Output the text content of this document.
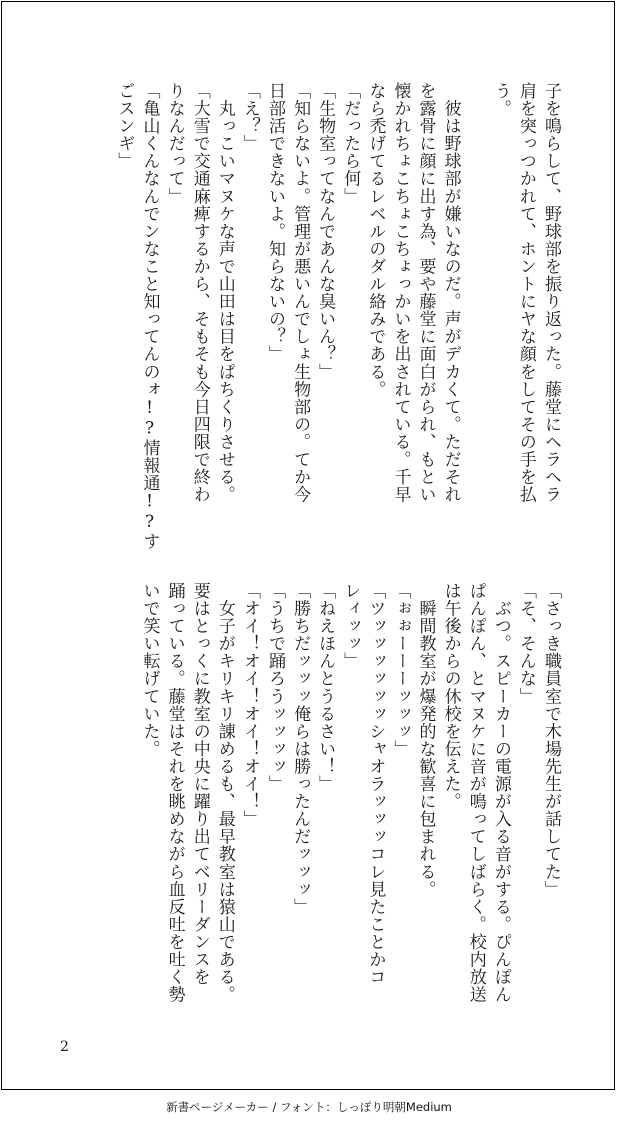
子を鳴らして、野球部を振り返った。藤堂にヘラヘラ
肩を突っつかれて、ホントにヤな顔をしてその手を払
う。
　彼は野球部が嫌いなのだ。声がデカくて。ただそれ
を露骨に顔に出す為、要や藤堂に面白がられ、もとい
懐かれちょこちょこちょっかいを出されている。千早
なら禿げてるレベルのダル絡みである。
「だったら何」
「生物室ってなんであんな臭いん？」
「知らないよ。管理が悪いんでしょ生物部の。てか今
日部活できないよ。知らないの？」
「え？」
　丸っこいマヌケな声で山田は目をぱちくりさせる。
「大雪で交通麻痺するから、そもそも今日四限で終わ
りなんだって」
「亀山くんなんでンなこと知ってんのォ!?情報通!?す
ごスンギ」
「さっき職員室で木場先生が話してた」
「そ、そんな」
　ぶつ。スピーカーの電源が入る音がする。ぴんぽん
ぱんぽん、とマヌケに音が鳴ってしばらく。校内放送
は午後からの休校を伝えた。
　瞬間教室が爆発的な歓喜に包まれる。
「ぉぉーーーッッッ」
「ツッッッッッッシャオラッッッコレ見たことかコ
レィッッ」
「ねえほんとうるさい！」
「勝ちだッッッ俺らは勝ったんだッッッ」
「うちで踊ろうッッッッ」
「オイ！オイ！オイ！オイ！」
　女子がキリキリ諌めるも、最早教室は猿山である。
要はとっくに教室の中央に躍り出てベリーダンスを
踊っている。藤堂はそれを眺めながら血反吐を吐く勢
いで笑い転げていた。
2
新書ページメーカー / フォント：しっぽり明朝Medium
